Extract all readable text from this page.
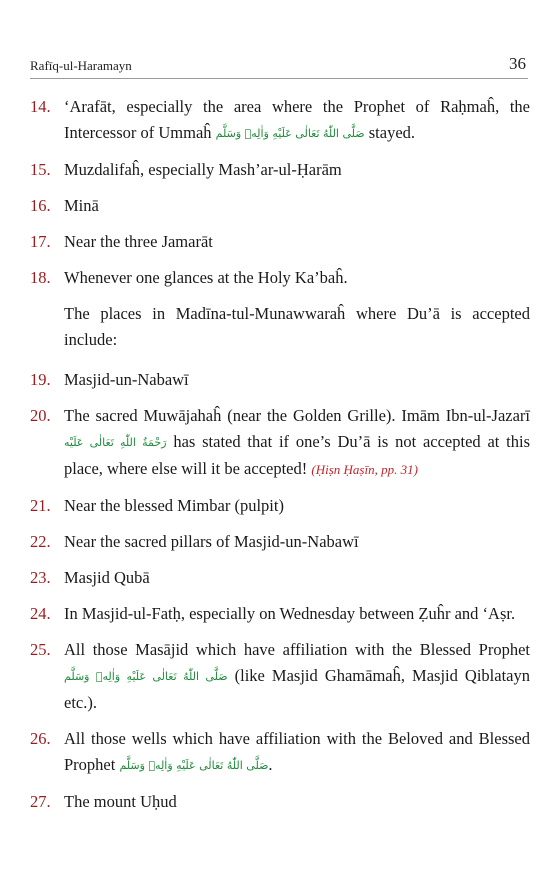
Rafīq-ul-Haramayn	36
14. ‘Arafāt, especially the area where the Prophet of Raḥmaĥ, the Intercessor of Ummaĥ صَلَّى اللّٰهُ تَعَالٰى عَلَيْهِ وَاٰلِهٖ وَسَلَّم stayed.
15. Muzdalifaĥ, especially Mash’ar-ul-Ḥarām
16. Minā
17. Near the three Jamarāt
18. Whenever one glances at the Holy Ka’baĥ.
The places in Madīna-tul-Munawwaraĥ where Du’ā is accepted include:
19. Masjid-un-Nabawī
20. The sacred Muwājahaĥ (near the Golden Grille). Imām Ibn-ul-Jazarī رَحْمَةُ اللّٰهِ تَعَالٰى عَلَيْه has stated that if one’s Du’ā is not accepted at this place, where else will it be accepted! (Ḥiṣn Ḥaṣīn, pp. 31)
21. Near the blessed Mimbar (pulpit)
22. Near the sacred pillars of Masjid-un-Nabawī
23. Masjid Qubā
24. In Masjid-ul-Fatḥ, especially on Wednesday between Ẓuĥr and ‘Aṣr.
25. All those Masājid which have affiliation with the Blessed Prophet صَلَّى اللّٰهُ تَعَالٰى عَلَيْهِ وَاٰلِهٖ وَسَلَّم (like Masjid Ghamāmaĥ, Masjid Qiblatayn etc.).
26. All those wells which have affiliation with the Beloved and Blessed Prophet صَلَّى اللّٰهُ تَعَالٰى عَلَيْهِ وَاٰلِهٖ وَسَلَّم.
27. The mount Uḥud
